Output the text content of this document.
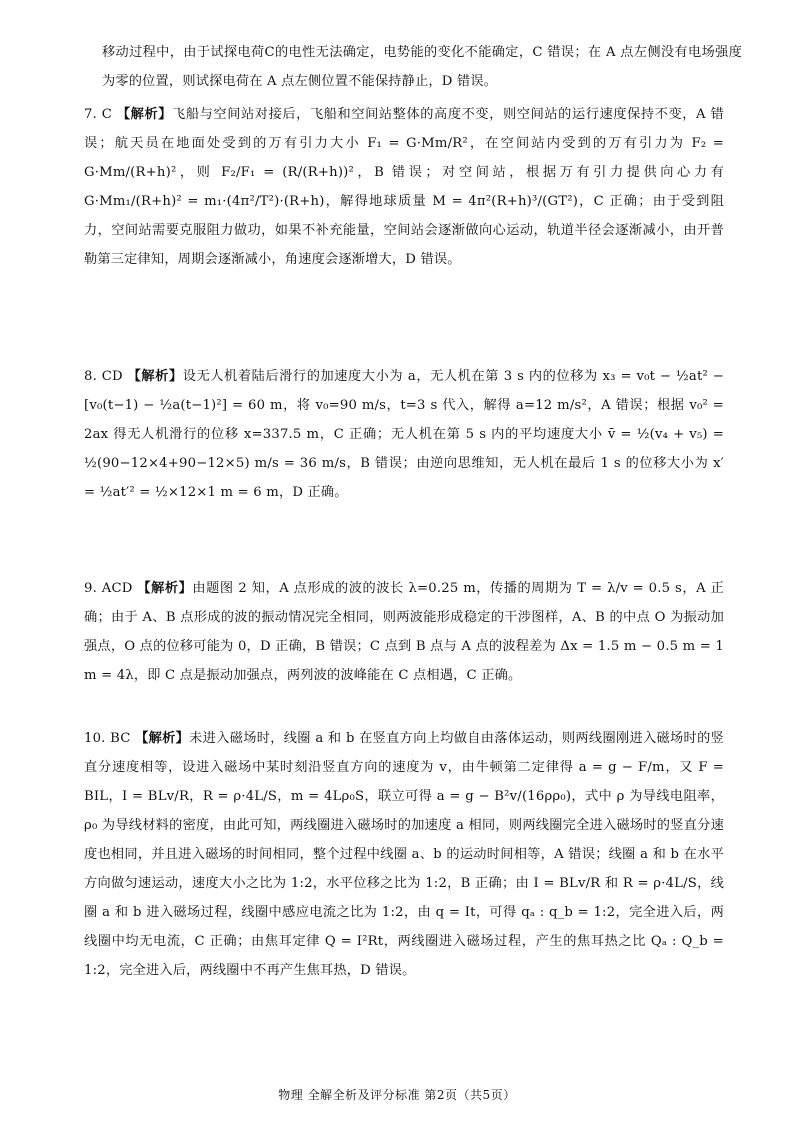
移动过程中，由于试探电荷C的电性无法确定，电势能的变化不能确定，C 错误；在 A 点左侧没有电场强度为零的位置，则试探电荷在 A 点左侧位置不能保持静止，D 错误。

7. C 【解析】飞船与空间站对接后，飞船和空间站整体的高度不变，则空间站的运行速度保持不变，A 错误；航天员在地面处受到的万有引力大小 F₁ = G·Mm/R²，在空间站内受到的万有引力为 F₂ = G·Mm/(R+h)²，则 F₂/F₁ = (R/(R+h))²，B 错误；对空间站，根据万有引力提供向心力有 G·Mm₁/(R+h)² = m₁·(4π²/T²)·(R+h)，解得地球质量 M = 4π²(R+h)³/(GT²)，C 正确；由于受到阻力，空间站需要克服阻力做功，如果不补充能量，空间站会逐渐做向心运动，轨道半径会逐渐减小，由开普勒第三定律知，周期会逐渐减小，角速度会逐渐增大，D 错误。

8. CD 【解析】设无人机着陆后滑行的加速度大小为 a，无人机在第 3 s 内的位移为 x₃ = v₀t − ½at² − [v₀(t−1) − ½a(t−1)²] = 60 m，将 v₀=90 m/s，t=3 s 代入，解得 a=12 m/s²，A 错误；根据 v₀² = 2ax 得无人机滑行的位移 x=337.5 m，C 正确；无人机在第 5 s 内的平均速度大小 v̄ = ½(v₄ + v₅) = ½(90−12×4+90−12×5) m/s = 36 m/s，B 错误；由逆向思维知，无人机在最后 1 s 的位移大小为 x′ = ½at′² = ½×12×1 m = 6 m，D 正确。

9. ACD 【解析】由题图 2 知，A 点形成的波的波长 λ=0.25 m，传播的周期为 T = λ/v = 0.5 s，A 正确；由于 A、B 点形成的波的振动情况完全相同，则两波能形成稳定的干涉图样，A、B 的中点 O 为振动加强点，O 点的位移可能为 0，D 正确，B 错误；C 点到 B 点与 A 点的波程差为 Δx = 1.5 m − 0.5 m = 1 m = 4λ，即 C 点是振动加强点，两列波的波峰能在 C 点相遇，C 正确。

10. BC 【解析】未进入磁场时，线圈 a 和 b 在竖直方向上均做自由落体运动，则两线圈刚进入磁场时的竖直分速度相等，设进入磁场中某时刻沿竖直方向的速度为 v，由牛顿第二定律得 a = g − F/m，又 F = BIL，I = BLv/R，R = ρ·4L/S，m = 4Lρ₀S，联立可得 a = g − B²v/(16ρρ₀)，式中 ρ 为导线电阻率，ρ₀ 为导线材料的密度，由此可知，两线圈进入磁场时的加速度 a 相同，则两线圈完全进入磁场时的竖直分速度也相同，并且进入磁场的时间相同，整个过程中线圈 a、b 的运动时间相等，A 错误；线圈 a 和 b 在水平方向做匀速运动，速度大小之比为 1:2，水平位移之比为 1:2，B 正确；由 I = BLv/R 和 R = ρ·4L/S，线圈 a 和 b 进入磁场过程，线圈中感应电流之比为 1:2，由 q = It，可得 qₐ : q_b = 1:2，完全进入后，两线圈中均无电流，C 正确；由焦耳定律 Q = I²Rt，两线圈进入磁场过程，产生的焦耳热之比 Qₐ : Q_b = 1:2，完全进入后，两线圈中不再产生焦耳热，D 错误。

物理 全解全析及评分标准 第2页（共5页）
